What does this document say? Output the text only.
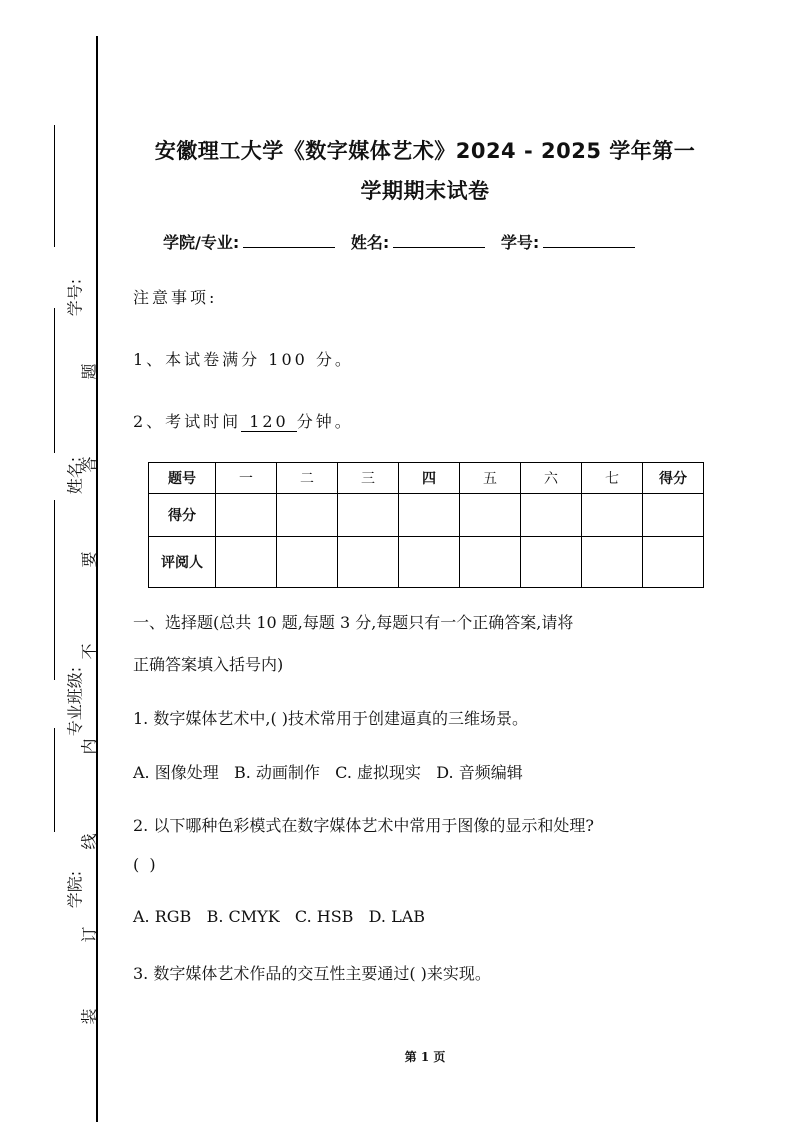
学号:
姓名:
专业班级:
学院:
题
答
要
不
内
线
订
装
安徽理工大学《数字媒体艺术》2024 - 2025 学年第一
学期期末试卷
学院/专业:	姓名:	学号:
注意事项:
1、本试卷满分 100 分。
2、考试时间 120 分钟。
题号	一	二	三	四	五	六	七	得分
得分								
评阅人								
一、选择题(总共 10 题,每题 3 分,每题只有一个正确答案,请将
正确答案填入括号内)
1. 数字媒体艺术中,( )技术常用于创建逼真的三维场景。
A. 图像处理   B. 动画制作   C. 虚拟现实   D. 音频编辑
2. 以下哪种色彩模式在数字媒体艺术中常用于图像的显示和处理?
(  )
A. RGB   B. CMYK   C. HSB   D. LAB
3. 数字媒体艺术作品的交互性主要通过( )来实现。
第 1 页
